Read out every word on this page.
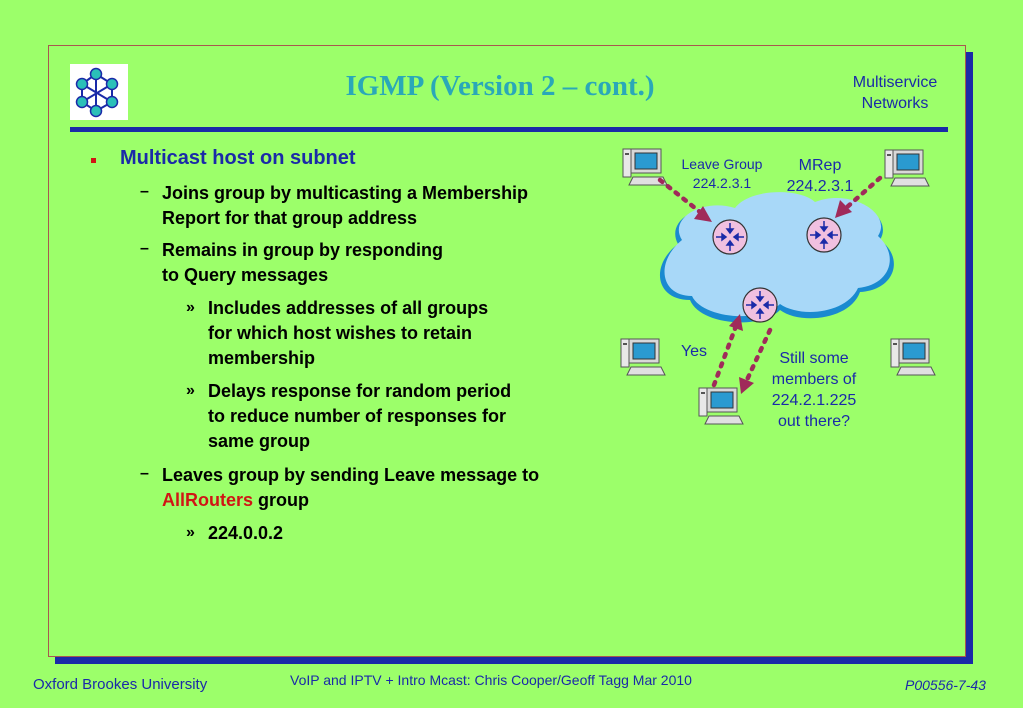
IGMP (Version 2 – cont.)	Multiservice
Networks
Multicast host on subnet
– Joins group by multicasting a Membership
Report for that group address
– Remains in group by responding
to Query messages
» Includes addresses of all groups
for which host wishes to retain
membership
» Delays response for random period
to reduce number of responses for
same group
– Leaves group by sending Leave message to
AllRouters group
» 224.0.0.2
Leave Group
224.2.3.1
MRep
224.2.3.1
Yes	Still some
members of
224.2.1.225
out there?
Oxford Brookes University	VoIP and IPTV + Intro Mcast: Chris Cooper/Geoff Tagg Mar 2010	P00556-7-43
